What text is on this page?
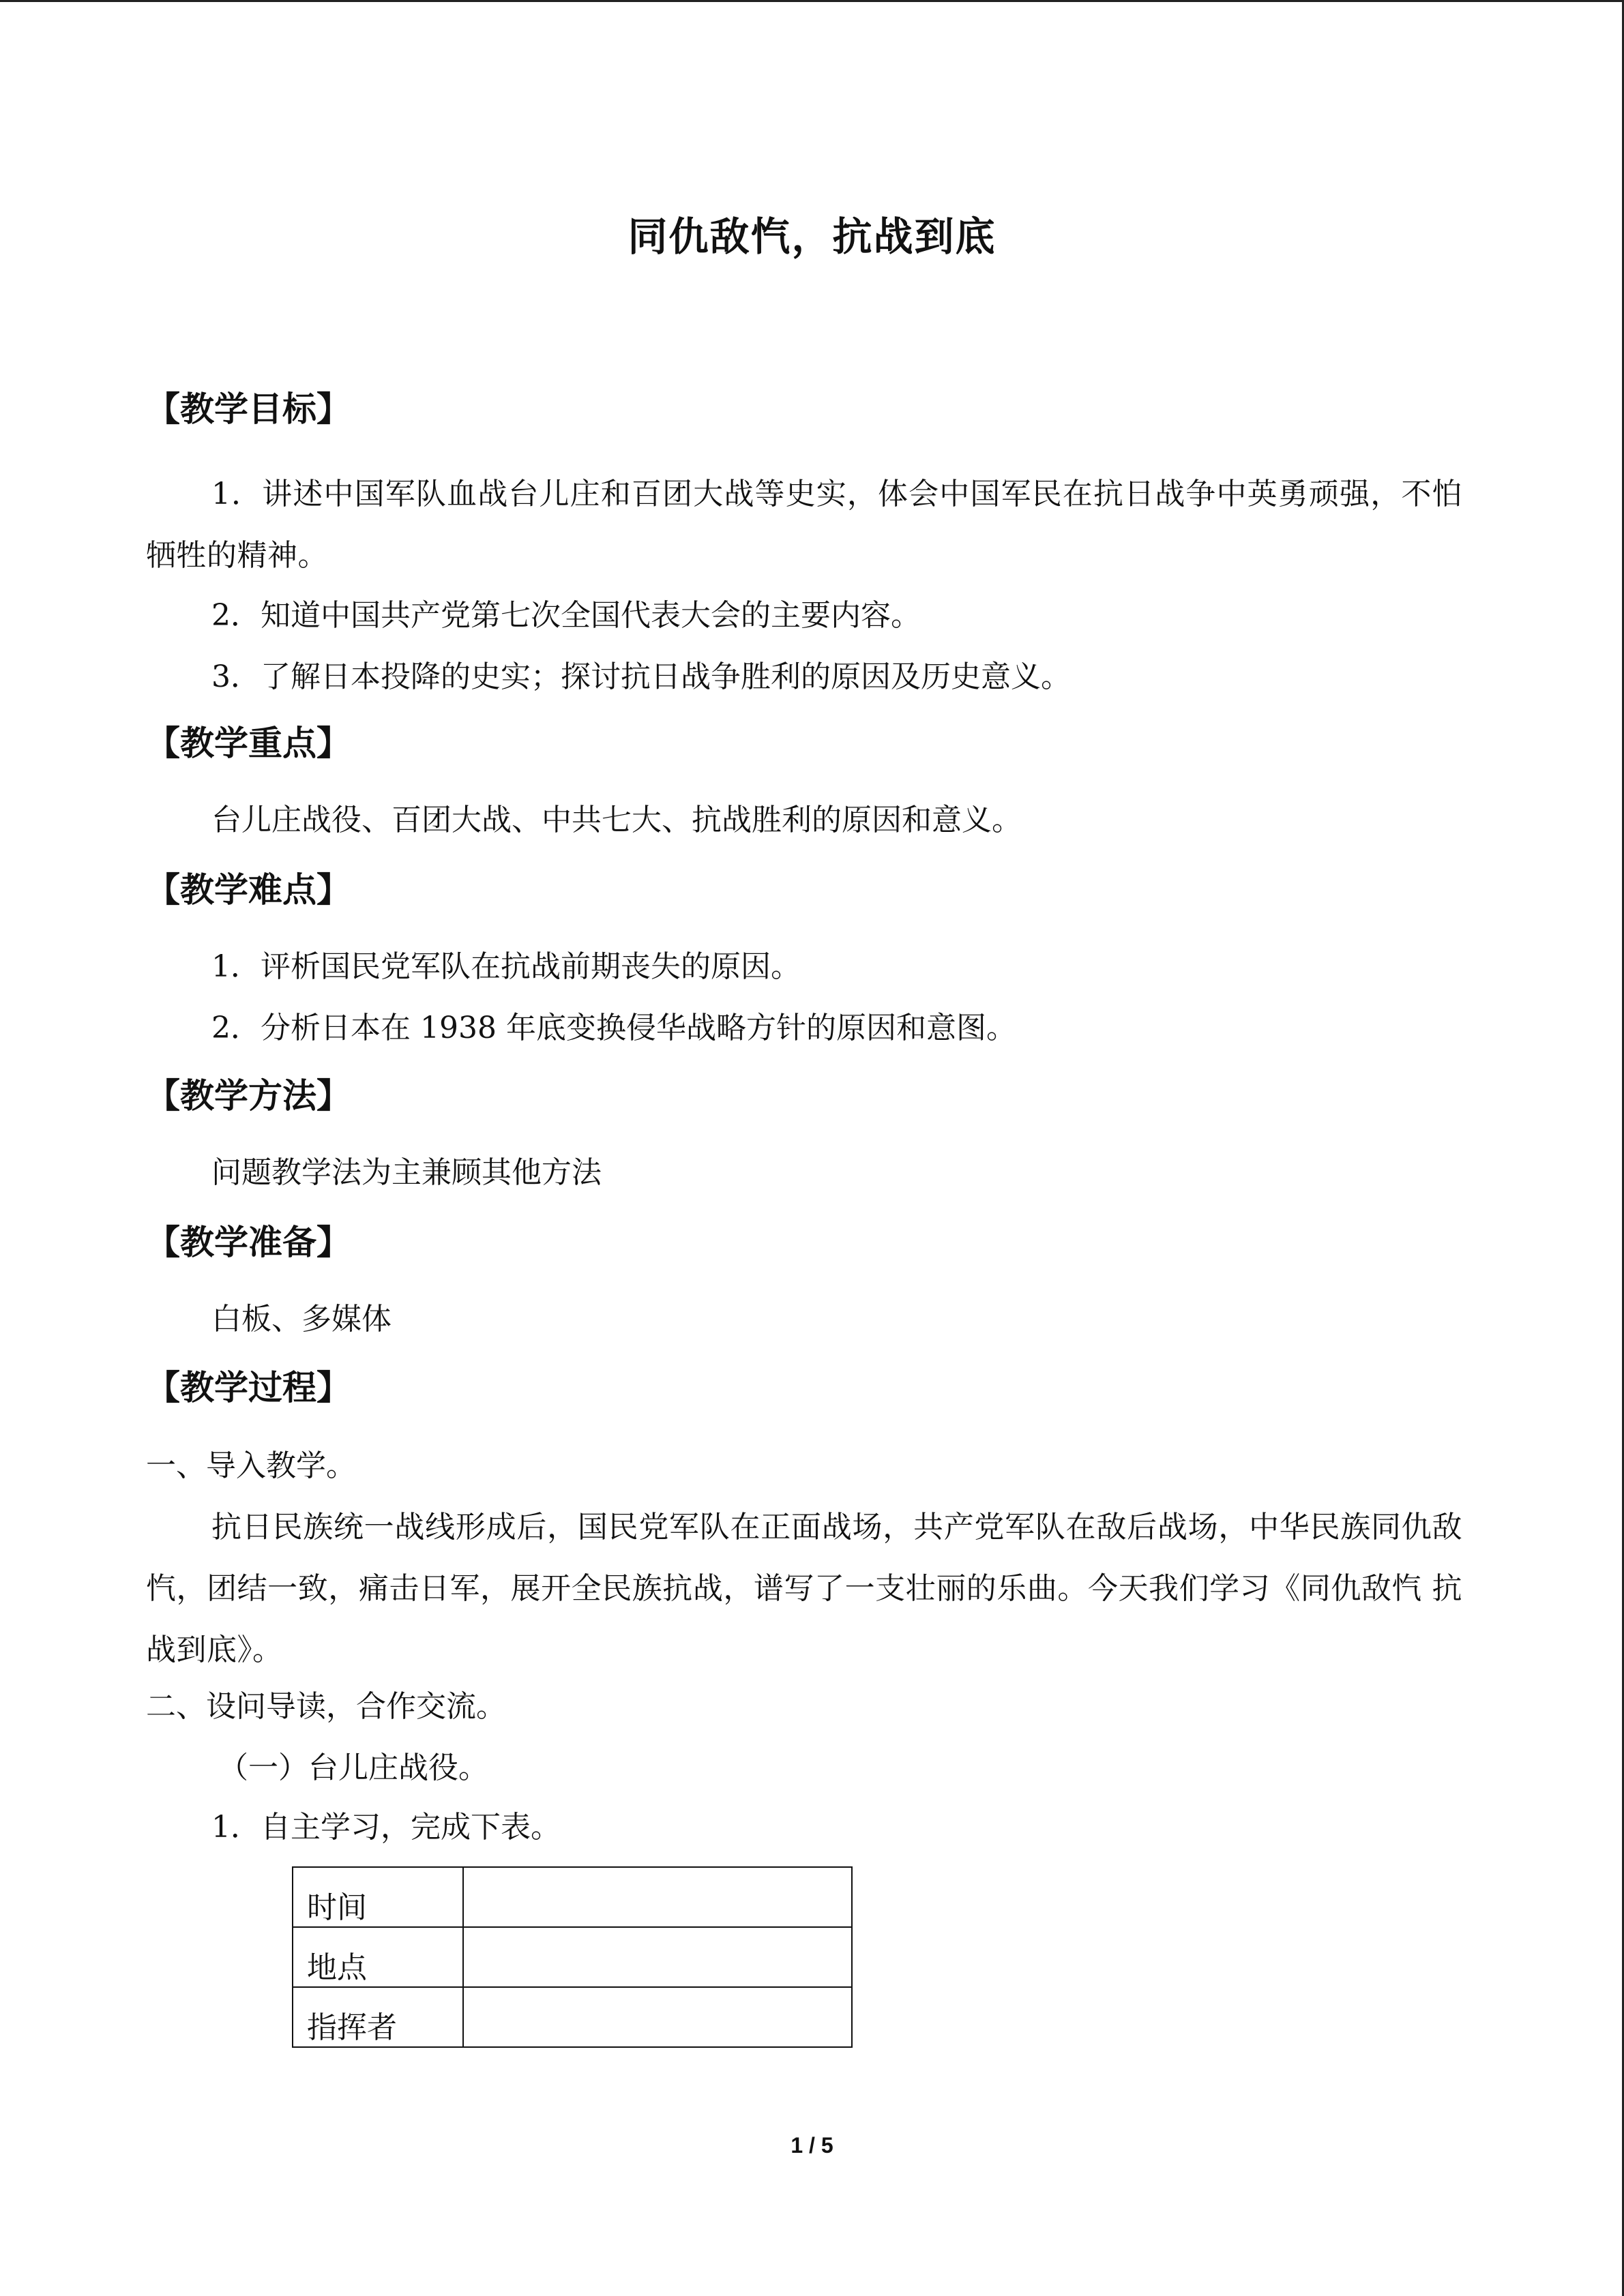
同仇敌忾，抗战到底
【教学目标】
1．讲述中国军队血战台儿庄和百团大战等史实，体会中国军民在抗日战争中英勇顽强，不怕牺牲的精神。
2．知道中国共产党第七次全国代表大会的主要内容。
3．了解日本投降的史实；探讨抗日战争胜利的原因及历史意义。
【教学重点】
台儿庄战役、百团大战、中共七大、抗战胜利的原因和意义。
【教学难点】
1．评析国民党军队在抗战前期丧失的原因。
2．分析日本在 1938 年底变换侵华战略方针的原因和意图。
【教学方法】
问题教学法为主兼顾其他方法
【教学准备】
白板、多媒体
【教学过程】
一、导入教学。
抗日民族统一战线形成后，国民党军队在正面战场，共产党军队在敌后战场，中华民族同仇敌忾，团结一致，痛击日军，展开全民族抗战，谱写了一支壮丽的乐曲。今天我们学习《同仇敌忾 抗战到底》。
二、设问导读，合作交流。
（一）台儿庄战役。
1．自主学习，完成下表。
时间	
地点	
指挥者	
1 / 5
